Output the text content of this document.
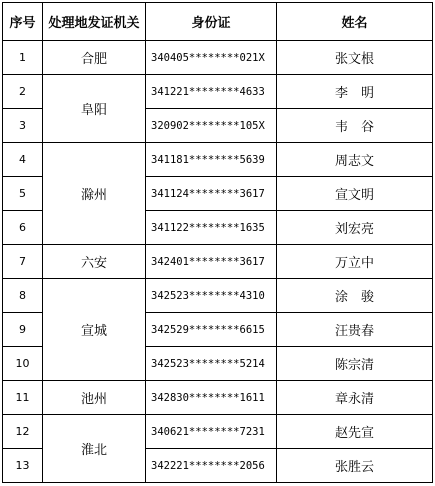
序号	处理地发证机关	身份证	姓名
1	合肥	340405********021X	张文根
2	阜阳	341221********4633	李　明
3		320902********105X	韦　谷
4	滁州	341181********5639	周志文
5		341124********3617	宣文明
6		341122********1635	刘宏亮
7	六安	342401********3617	万立中
8	宣城	342523********4310	涂　骏
9		342529********6615	汪贵春
10		342523********5214	陈宗清
11	池州	342830********1611	章永清
12	淮北	340621********7231	赵先宣
13		342221********2056	张胜云
